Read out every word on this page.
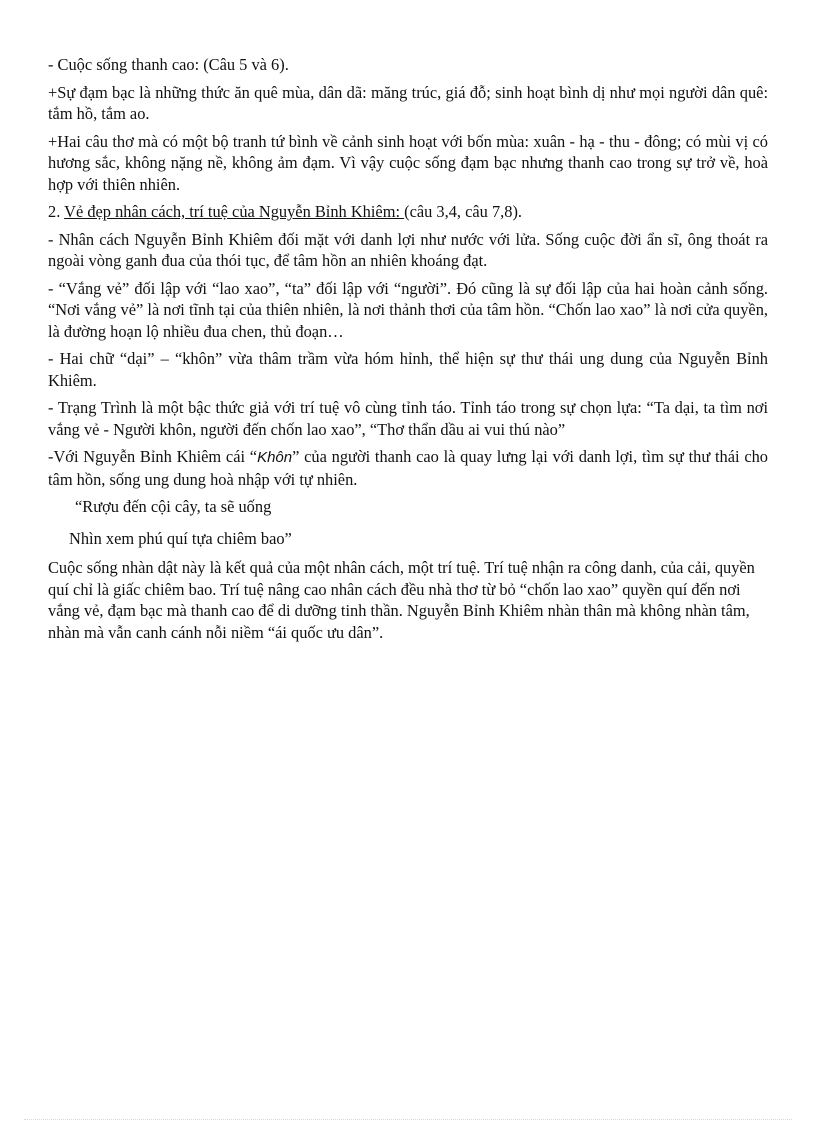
- Cuộc sống thanh cao: (Câu 5 và 6).

+Sự đạm bạc là những thức ăn quê mùa, dân dã: măng trúc, giá đỗ; sinh hoạt bình dị như mọi người dân quê: tắm hồ, tắm ao.

+Hai câu thơ mà có một bộ tranh tứ bình về cảnh sinh hoạt với bốn mùa: xuân - hạ - thu - đông; có mùi vị có hương sắc, không nặng nề, không ảm đạm. Vì vậy cuộc sống đạm bạc nhưng thanh cao trong sự trở về, hoà hợp với thiên nhiên.

2. Vẻ đẹp nhân cách, trí tuệ của Nguyễn Bỉnh Khiêm: (câu 3,4, câu 7,8).

- Nhân cách Nguyễn Bỉnh Khiêm đối mặt với danh lợi như nước với lửa. Sống cuộc đời ẩn sĩ, ông thoát ra ngoài vòng ganh đua của thói tục, để tâm hồn an nhiên khoáng đạt.

- “Vắng vẻ” đối lập với “lao xao”, “ta” đối lập với “người”. Đó cũng là sự đối lập của hai hoàn cảnh sống. “Nơi vắng vẻ” là nơi tĩnh tại của thiên nhiên, là nơi thảnh thơi của tâm hồn. “Chốn lao xao” là nơi cửa quyền, là đường hoạn lộ nhiều đua chen, thủ đoạn…

- Hai chữ “dại” – “khôn” vừa thâm trầm vừa hóm hỉnh, thể hiện sự thư thái ung dung của Nguyễn Bỉnh Khiêm.

- Trạng Trình là một bậc thức giả với trí tuệ vô cùng tỉnh táo. Tỉnh táo trong sự chọn lựa: “Ta dại, ta tìm nơi vắng vẻ - Người khôn, người đến chốn lao xao”, “Thơ thẩn dầu ai vui thú nào”

-Với Nguyễn Bỉnh Khiêm cái “Khôn” của người thanh cao là quay lưng lại với danh lợi, tìm sự thư thái cho tâm hồn, sống ung dung hoà nhập với tự nhiên.

“Rượu đến cội cây, ta sẽ uống

Nhìn xem phú quí tựa chiêm bao”

Cuộc sống nhàn dật này là kết quả của một nhân cách, một trí tuệ. Trí tuệ nhận ra công danh, của cải, quyền quí chỉ là giấc chiêm bao. Trí tuệ nâng cao nhân cách đều nhà thơ từ bỏ “chốn lao xao” quyền quí đến nơi vắng vẻ, đạm bạc mà thanh cao để di dưỡng tinh thần. Nguyễn Bỉnh Khiêm nhàn thân mà không nhàn tâm, nhàn mà vẫn canh cánh nỗi niềm “ái quốc ưu dân”.
